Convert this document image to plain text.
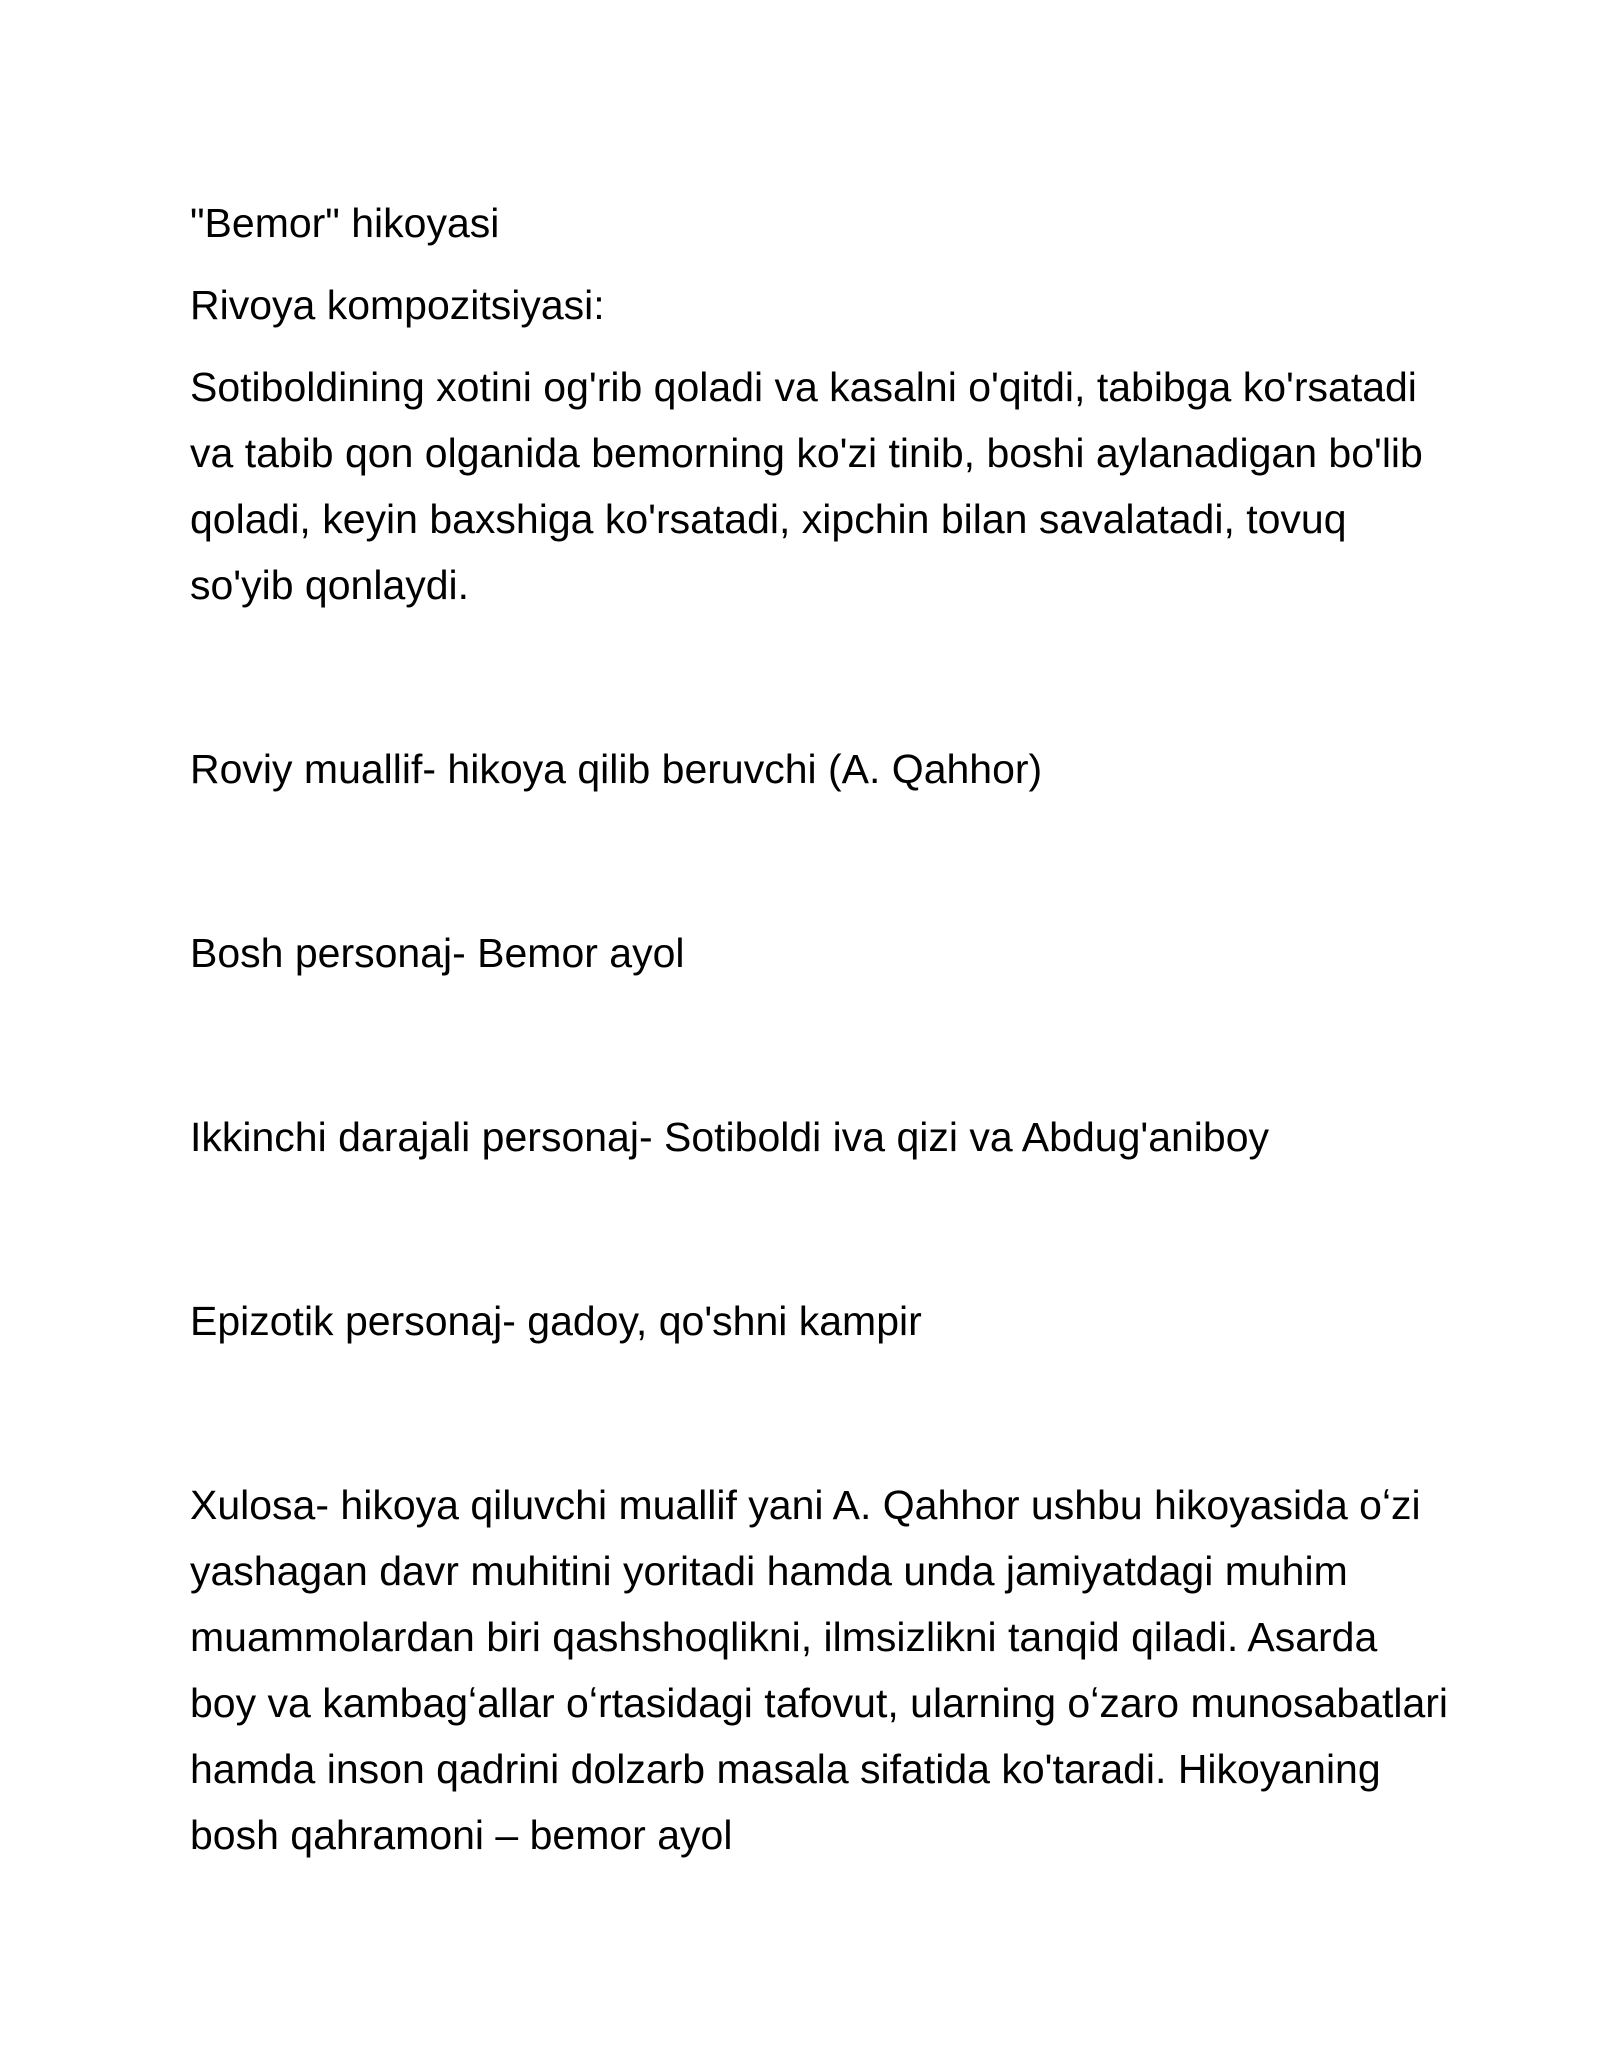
"Bemor" hikoyasi

Rivoya kompozitsiyasi:

Sotiboldining xotini og'rib qoladi va kasalni o'qitdi, tabibga ko'rsatadi va tabib qon olganida bemorning ko'zi tinib, boshi aylanadigan bo'lib qoladi, keyin baxshiga ko'rsatadi, xipchin bilan savalatadi, tovuq so'yib qonlaydi.

Roviy muallif- hikoya qilib beruvchi (A. Qahhor)

Bosh personaj- Bemor ayol

Ikkinchi darajali personaj- Sotiboldi iva qizi va Abdug'aniboy

Epizotik personaj- gadoy, qo'shni kampir

Xulosa- hikoya qiluvchi muallif yani A. Qahhor ushbu hikoyasida oʻzi yashagan davr muhitini yoritadi hamda unda jamiyatdagi muhim muammolardan biri qashshoqlikni, ilmsizlikni tanqid qiladi. Asarda boy va kambagʻallar oʻrtasidagi tafovut, ularning oʻzaro munosabatlari hamda inson qadrini dolzarb masala sifatida ko'taradi. Hikoyaning bosh qahramoni – bemor ayol
